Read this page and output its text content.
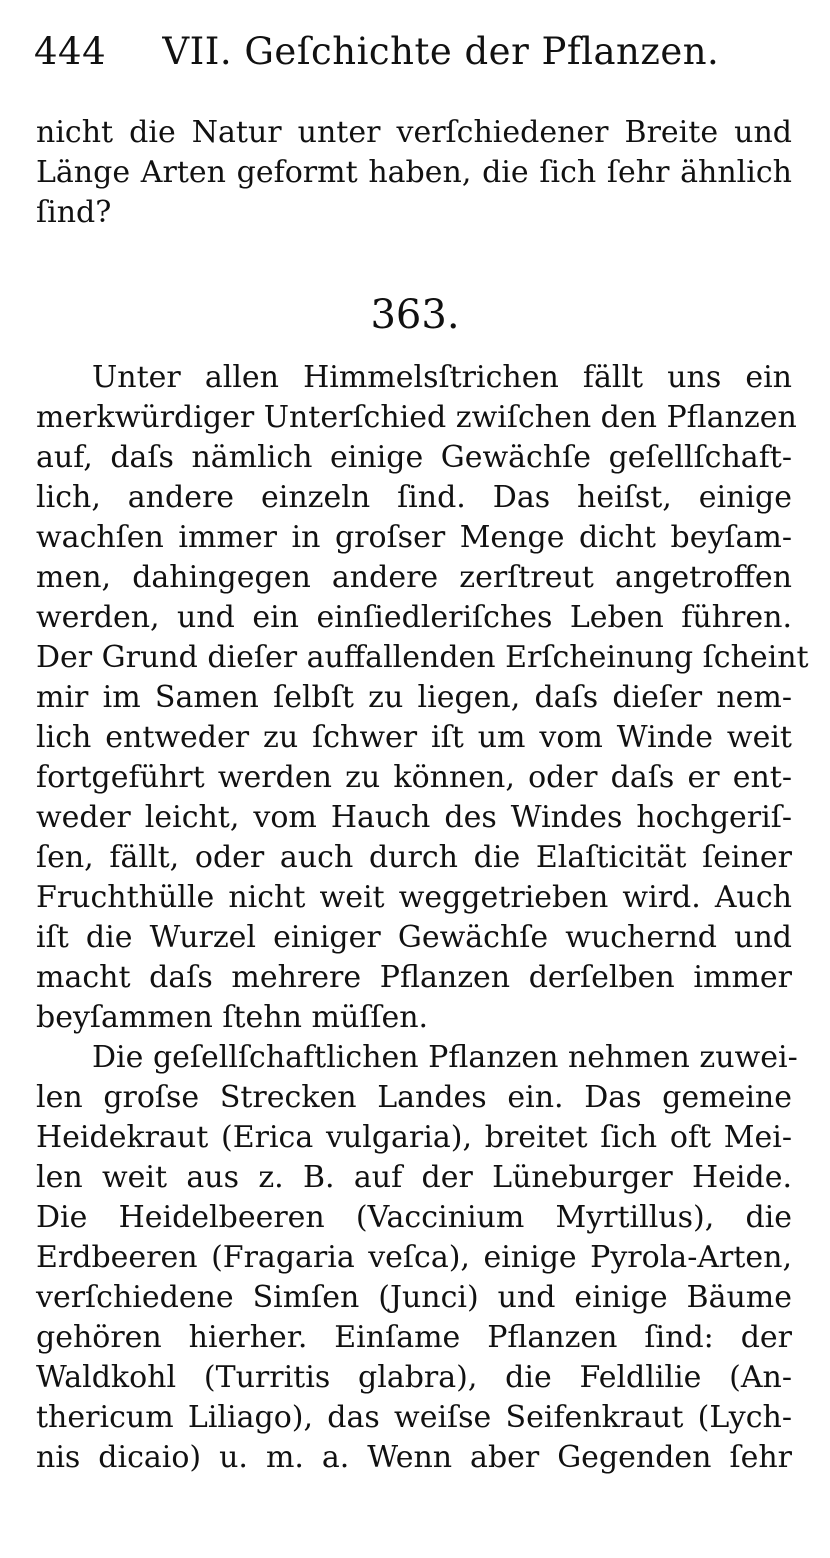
444 VII. Geſchichte der Pflanzen.
nicht die Natur unter verſchiedener Breite und
Länge Arten geformt haben, die ſich ſehr ähnlich
ſind?
363.
Unter allen Himmelsſtrichen fällt uns ein
merkwürdiger Unterſchied zwiſchen den Pflanzen
auf, daſs nämlich einige Gewächſe geſellſchaft-
lich, andere einzeln ſind. Das heiſst, einige
wachſen immer in groſser Menge dicht beyſam-
men, dahingegen andere zerſtreut angetroffen
werden, und ein einſiedleriſches Leben führen.
Der Grund dieſer auffallenden Erſcheinung ſcheint
mir im Samen ſelbſt zu liegen, daſs dieſer nem-
lich entweder zu ſchwer iſt um vom Winde weit
fortgeführt werden zu können, oder daſs er ent-
weder leicht, vom Hauch des Windes hochgeriſ-
ſen, fällt, oder auch durch die Elaſticität ſeiner
Fruchthülle nicht weit weggetrieben wird. Auch
iſt die Wurzel einiger Gewächſe wuchernd und
macht daſs mehrere Pflanzen derſelben immer
beyſammen ſtehn müſſen.
Die geſellſchaftlichen Pflanzen nehmen zuwei-
len groſse Strecken Landes ein. Das gemeine
Heidekraut (Erica vulgaria), breitet ſich oft Mei-
len weit aus z. B. auf der Lüneburger Heide.
Die Heidelbeeren (Vaccinium Myrtillus), die
Erdbeeren (Fragaria veſca), einige Pyrola-Arten,
verſchiedene Simſen (Junci) und einige Bäume
gehören hierher. Einſame Pflanzen ſind: der
Waldkohl (Turritis glabra), die Feldlilie (An-
thericum Liliago), das weiſse Seifenkraut (Lych-
nis dicaio) u. m. a. Wenn aber Gegenden ſehr
